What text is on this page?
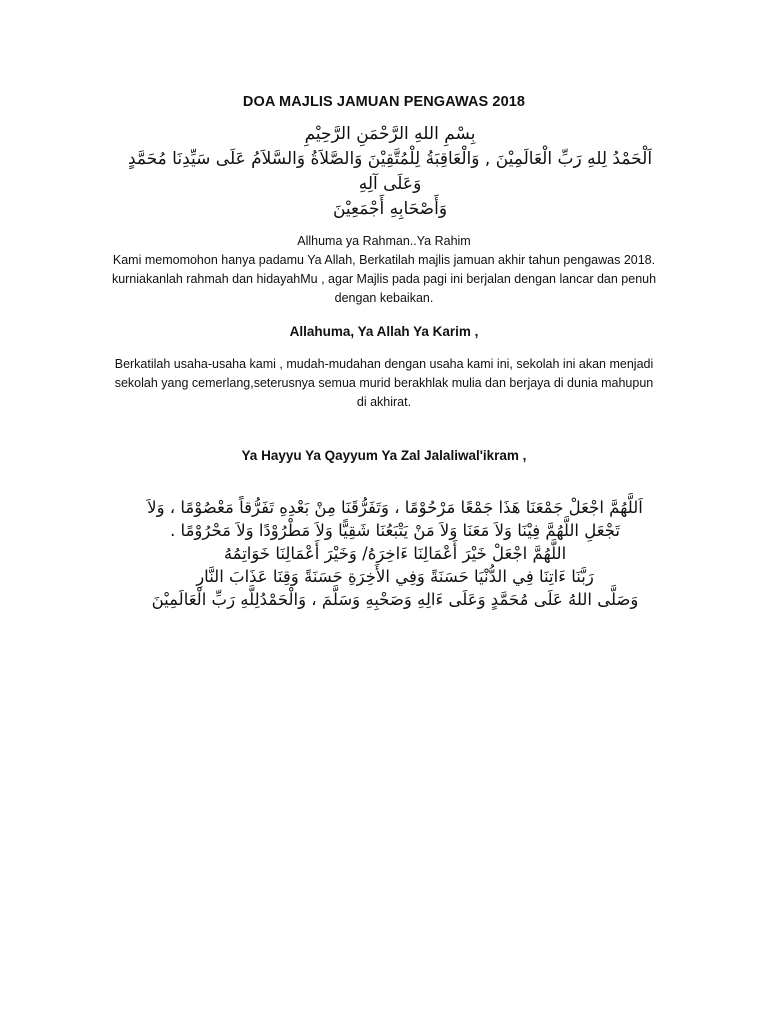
DOA MAJLIS JAMUAN PENGAWAS 2018
بِسْمِ اللهِ الرَّحْمَنِ الرَّحِيْمِ
اَلْحَمْدُ لِلهِ رَبِّ الْعَالَمِيْنَ , وَالْعَاقِبَةُ لِلْمُتَّقِيْنَ وَالصَّلاَةُ وَالسَّلاَمُ عَلَى سَيِّدِنَا مُحَمَّدٍ
وَعَلَى آلِهِ
وَأَصْحَابِهِ أَجْمَعِيْنَ
Allhuma ya Rahman..Ya Rahim
Kami memomohon hanya padamu Ya Allah, Berkatilah majlis jamuan akhir tahun pengawas 2018.
kurniakanlah rahmah dan hidayahMu , agar Majlis pada pagi ini berjalan dengan lancar dan penuh
dengan kebaikan.
Allahuma, Ya Allah Ya Karim ,
Berkatilah usaha-usaha kami , mudah-mudahan dengan usaha kami ini, sekolah ini akan menjadi
sekolah yang cemerlang,seterusnya semua murid berakhlak mulia dan berjaya di dunia mahupun
di akhirat.
Ya Hayyu Ya Qayyum Ya Zal Jalaliwal'ikram ,
اَللَّهُمَّ اجْعَلْ جَمْعَنَا هَذَا جَمْعًا مَرْحُوْمًا ، وَتَفَرُّقَنَا مِنْ بَعْدِهِ تَفَرُّقاً مَعْصُوْمًا ، وَلاَ
تَجْعَلِ اللَّهُمَّ فِيْنَا وَلاَ مَعَنَا وَلاَ مَنْ يَتْبَعُنَا شَقِيًّا وَلاَ مَطْرُوْدًا وَلاَ مَحْرُوْمًا .
اللَّهُمَّ اجْعَلْ خَيْرَ أَعْمَالِنَا ءَاخِرَهُ/ وَخَيْرَ أَعْمَالِنَا خَوَاتِمُهُ
رَبَّنَا ءَاتِنَا فِي الدُّنْيَا حَسَنَةً وَفِي الأَخِرَةِ حَسَنَةً وَقِنَا عَذَابَ النَّارِ
وَصَلَّى اللهُ عَلَى مُحَمَّدٍ وَعَلَى ءَالِهِ وَصَحْبِهِ وَسَلَّمَ ، وَالْحَمْدُلِلَّهِ رَبِّ الْعَالَمِيْنَ
